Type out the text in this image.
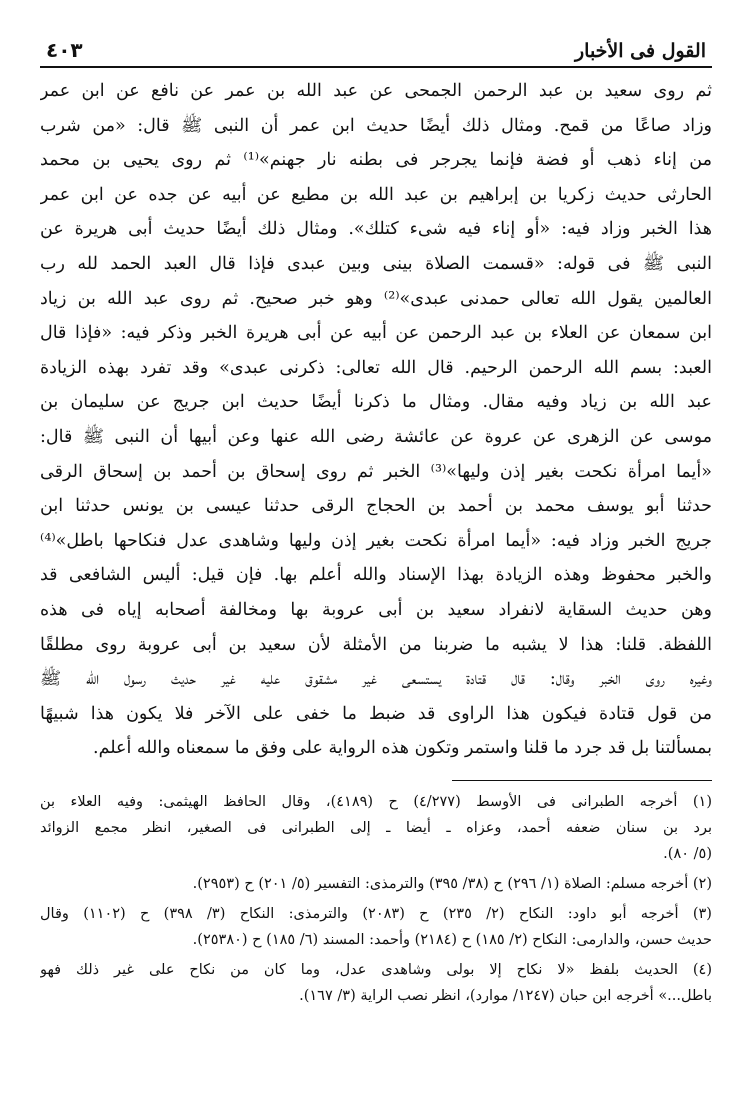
القول فى الأخبار
٤٠٣
ثم روى سعيد بن عبد الرحمن الجمحى عن عبد الله بن عمر عن نافع عن ابن عمر
وزاد صاعًا من قمح. ومثال ذلك أيضًا حديث ابن عمر أن النبى ﷺ قال: «من شرب
من إناء ذهب أو فضة فإنما يجرجر فى بطنه نار جهنم»⁽¹⁾ ثم روى يحيى بن محمد
الحارثى حديث زكريا بن إبراهيم بن عبد الله بن مطيع عن أبيه عن جده عن ابن عمر
هذا الخبر وزاد فيه: «أو إناء فيه شىء كتلك». ومثال ذلك أيضًا حديث أبى هريرة عن
النبى ﷺ فى قوله: «قسمت الصلاة بينى وبين عبدى فإذا قال العبد الحمد لله رب
العالمين يقول الله تعالى حمدنى عبدى»⁽²⁾ وهو خبر صحيح. ثم روى عبد الله بن زياد
ابن سمعان عن العلاء بن عبد الرحمن عن أبيه عن أبى هريرة الخبر وذكر فيه: «فإذا قال
العبد: بسم الله الرحمن الرحيم. قال الله تعالى: ذكرنى عبدى» وقد تفرد بهذه الزيادة
عبد الله بن زياد وفيه مقال. ومثال ما ذكرنا أيضًا حديث ابن جريج عن سليمان بن
موسى عن الزهرى عن عروة عن عائشة رضى الله عنها وعن أبيها أن النبى ﷺ قال:
«أيما امرأة نكحت بغير إذن وليها»⁽³⁾ الخبر ثم روى إسحاق بن أحمد بن إسحاق الرقى
حدثنا أبو يوسف محمد بن أحمد بن الحجاج الرقى حدثنا عيسى بن يونس حدثنا ابن
جريج الخبر وزاد فيه: «أيما امرأة نكحت بغير إذن وليها وشاهدى عدل فنكاحها باطل»⁽⁴⁾
والخبر محفوظ وهذه الزيادة بهذا الإسناد والله أعلم بها. فإن قيل: أليس الشافعى قد
وهن حديث السقاية لانفراد سعيد بن أبى عروبة بها ومخالفة أصحابه إياه فى هذه
اللفظة. قلنا: هذا لا يشبه ما ضربنا من الأمثلة لأن سعيد بن أبى عروبة روى مطلقًا
وغيره روى الخبر وقال: قال قتادة يستسعى غير مشقوق عليه غير حديث رسول الله ﷺ
من قول قتادة فيكون هذا الراوى قد ضبط ما خفى على الآخر فلا يكون هذا شبيهًا
بمسألتنا بل قد جرد ما قلنا واستمر وتكون هذه الرواية على وفق ما سمعناه والله أعلم.
(١) أخرجه الطبرانى فى الأوسط (٤/٢٧٧) ح (٤١٨٩)، وقال الحافظ الهيثمى: وفيه العلاء بن
برد بن سنان ضعفه أحمد، وعزاه ـ أيضا ـ إلى الطبرانى فى الصغير، انظر مجمع الزوائد
(٥/ ٨٠).
(٢) أخرجه مسلم: الصلاة (١/ ٢٩٦) ح (٣٨/ ٣٩٥) والترمذى: التفسير (٥/ ٢٠١) ح (٢٩٥٣).
(٣) أخرجه أبو داود: النكاح (٢/ ٢٣٥) ح (٢٠٨٣) والترمذى: النكاح (٣/ ٣٩٨) ح (١١٠٢) وقال
حديث حسن، والدارمى: النكاح (٢/ ١٨٥) ح (٢١٨٤) وأحمد: المسند (٦/ ١٨٥) ح (٢٥٣٨٠).
(٤) الحديث بلفظ «لا نكاح إلا بولى وشاهدى عدل، وما كان من نكاح على غير ذلك فهو
باطل...» أخرجه ابن حبان (١٢٤٧/ موارد)، انظر نصب الراية (٣/ ١٦٧).
